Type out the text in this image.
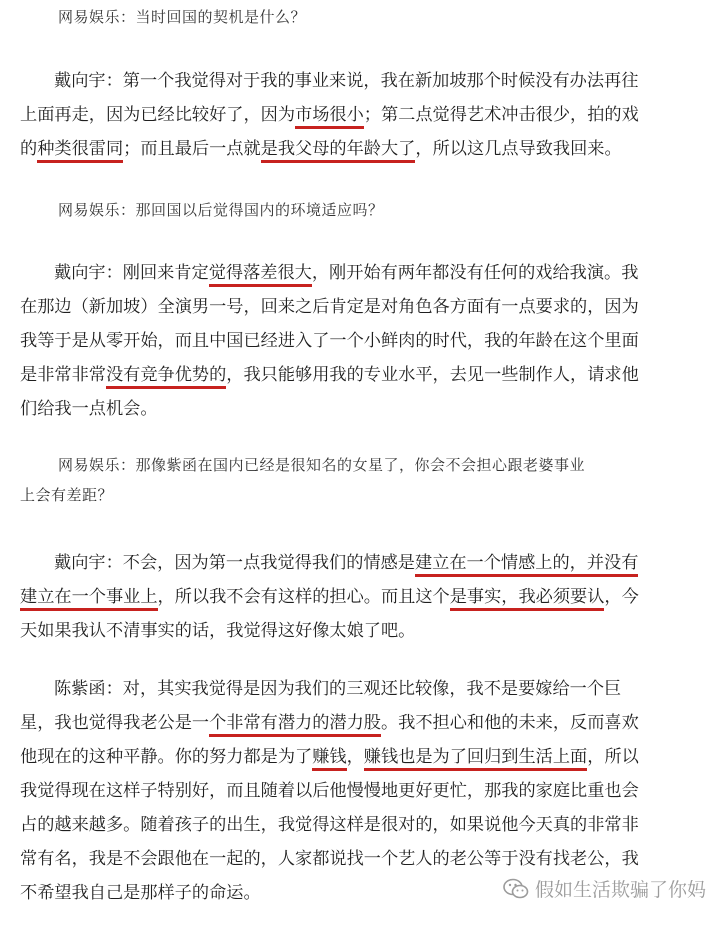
网易娱乐：当时回国的契机是什么？
戴向宇：第一个我觉得对于我的事业来说，我在新加坡那个时候没有办法再往
上面再走，因为已经比较好了，因为市场很小；第二点觉得艺术冲击很少，拍的戏
的种类很雷同；而且最后一点就是我父母的年龄大了，所以这几点导致我回来。
网易娱乐：那回国以后觉得国内的环境适应吗？
戴向宇：刚回来肯定觉得落差很大，刚开始有两年都没有任何的戏给我演。我
在那边（新加坡）全演男一号，回来之后肯定是对角色各方面有一点要求的，因为
我等于是从零开始，而且中国已经进入了一个小鲜肉的时代，我的年龄在这个里面
是非常非常没有竞争优势的，我只能够用我的专业水平，去见一些制作人，请求他
们给我一点机会。
网易娱乐：那像紫函在国内已经是很知名的女星了，你会不会担心跟老婆事业
上会有差距？
戴向宇：不会，因为第一点我觉得我们的情感是建立在一个情感上的，并没有
建立在一个事业上，所以我不会有这样的担心。而且这个是事实，我必须要认，今
天如果我认不清事实的话，我觉得这好像太娘了吧。
陈紫函：对，其实我觉得是因为我们的三观还比较像，我不是要嫁给一个巨
星，我也觉得我老公是一个非常有潜力的潜力股。我不担心和他的未来，反而喜欢
他现在的这种平静。你的努力都是为了赚钱，赚钱也是为了回归到生活上面，所以
我觉得现在这样子特别好，而且随着以后他慢慢地更好更忙，那我的家庭比重也会
占的越来越多。随着孩子的出生，我觉得这样是很对的，如果说他今天真的非常非
常有名，我是不会跟他在一起的，人家都说找一个艺人的老公等于没有找老公，我
不希望我自己是那样子的命运。	假如生活欺骗了你妈
